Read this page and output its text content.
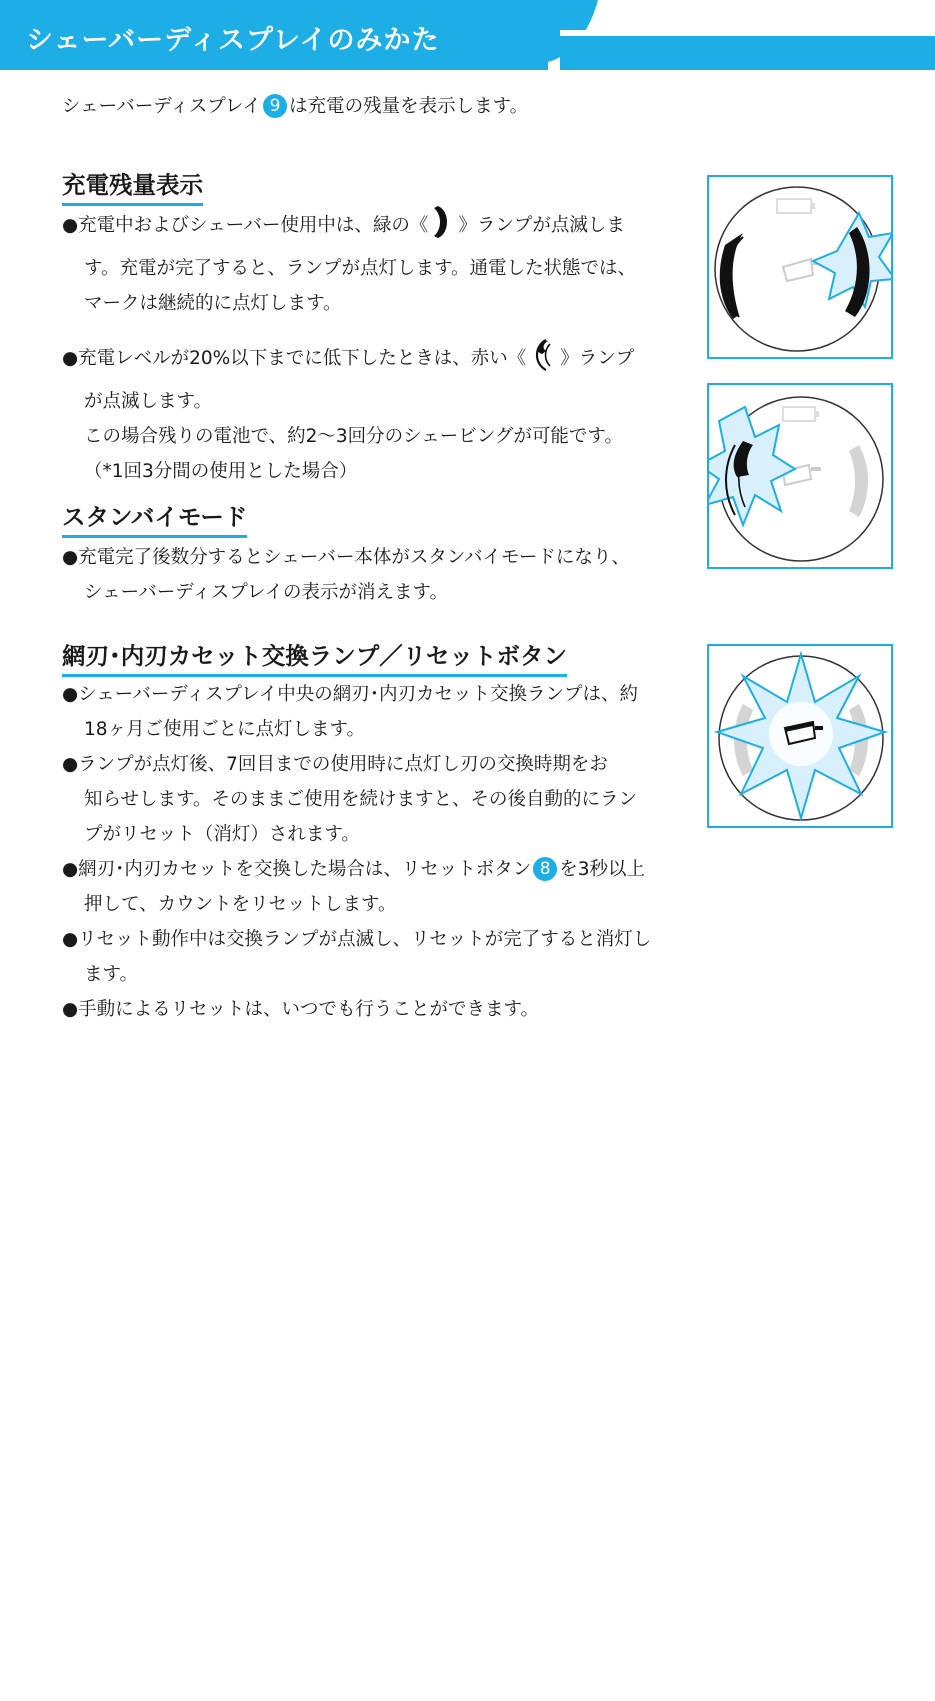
シェーバーディスプレイのみかた
シェーバーディスプレイ 9 は充電の残量を表示します。
充電残量表示
●充電中およびシェーバー使用中は、緑の《 》ランプが点滅しま
す。充電が完了すると、ランプが点灯します。通電した状態では、
マークは継続的に点灯します。
●充電レベルが20%以下までに低下したときは、赤い《 》ランプ
が点滅します。
この場合残りの電池で、約2～3回分のシェービングが可能です。
（*1回3分間の使用とした場合）
スタンバイモード
●充電完了後数分するとシェーバー本体がスタンバイモードになり、
シェーバーディスプレイの表示が消えます。
網刃･内刃カセット交換ランプ／リセットボタン
●シェーバーディスプレイ中央の網刃･内刃カセット交換ランプは、約
18ヶ月ご使用ごとに点灯します。
●ランプが点灯後、7回目までの使用時に点灯し刃の交換時期をお
知らせします。そのままご使用を続けますと、その後自動的にラン
プがリセット（消灯）されます。
●網刃･内刃カセットを交換した場合は、リセットボタン 8 を3秒以上
押して、カウントをリセットします。
●リセット動作中は交換ランプが点滅し、リセットが完了すると消灯し
ます。
●手動によるリセットは、いつでも行うことができます。
